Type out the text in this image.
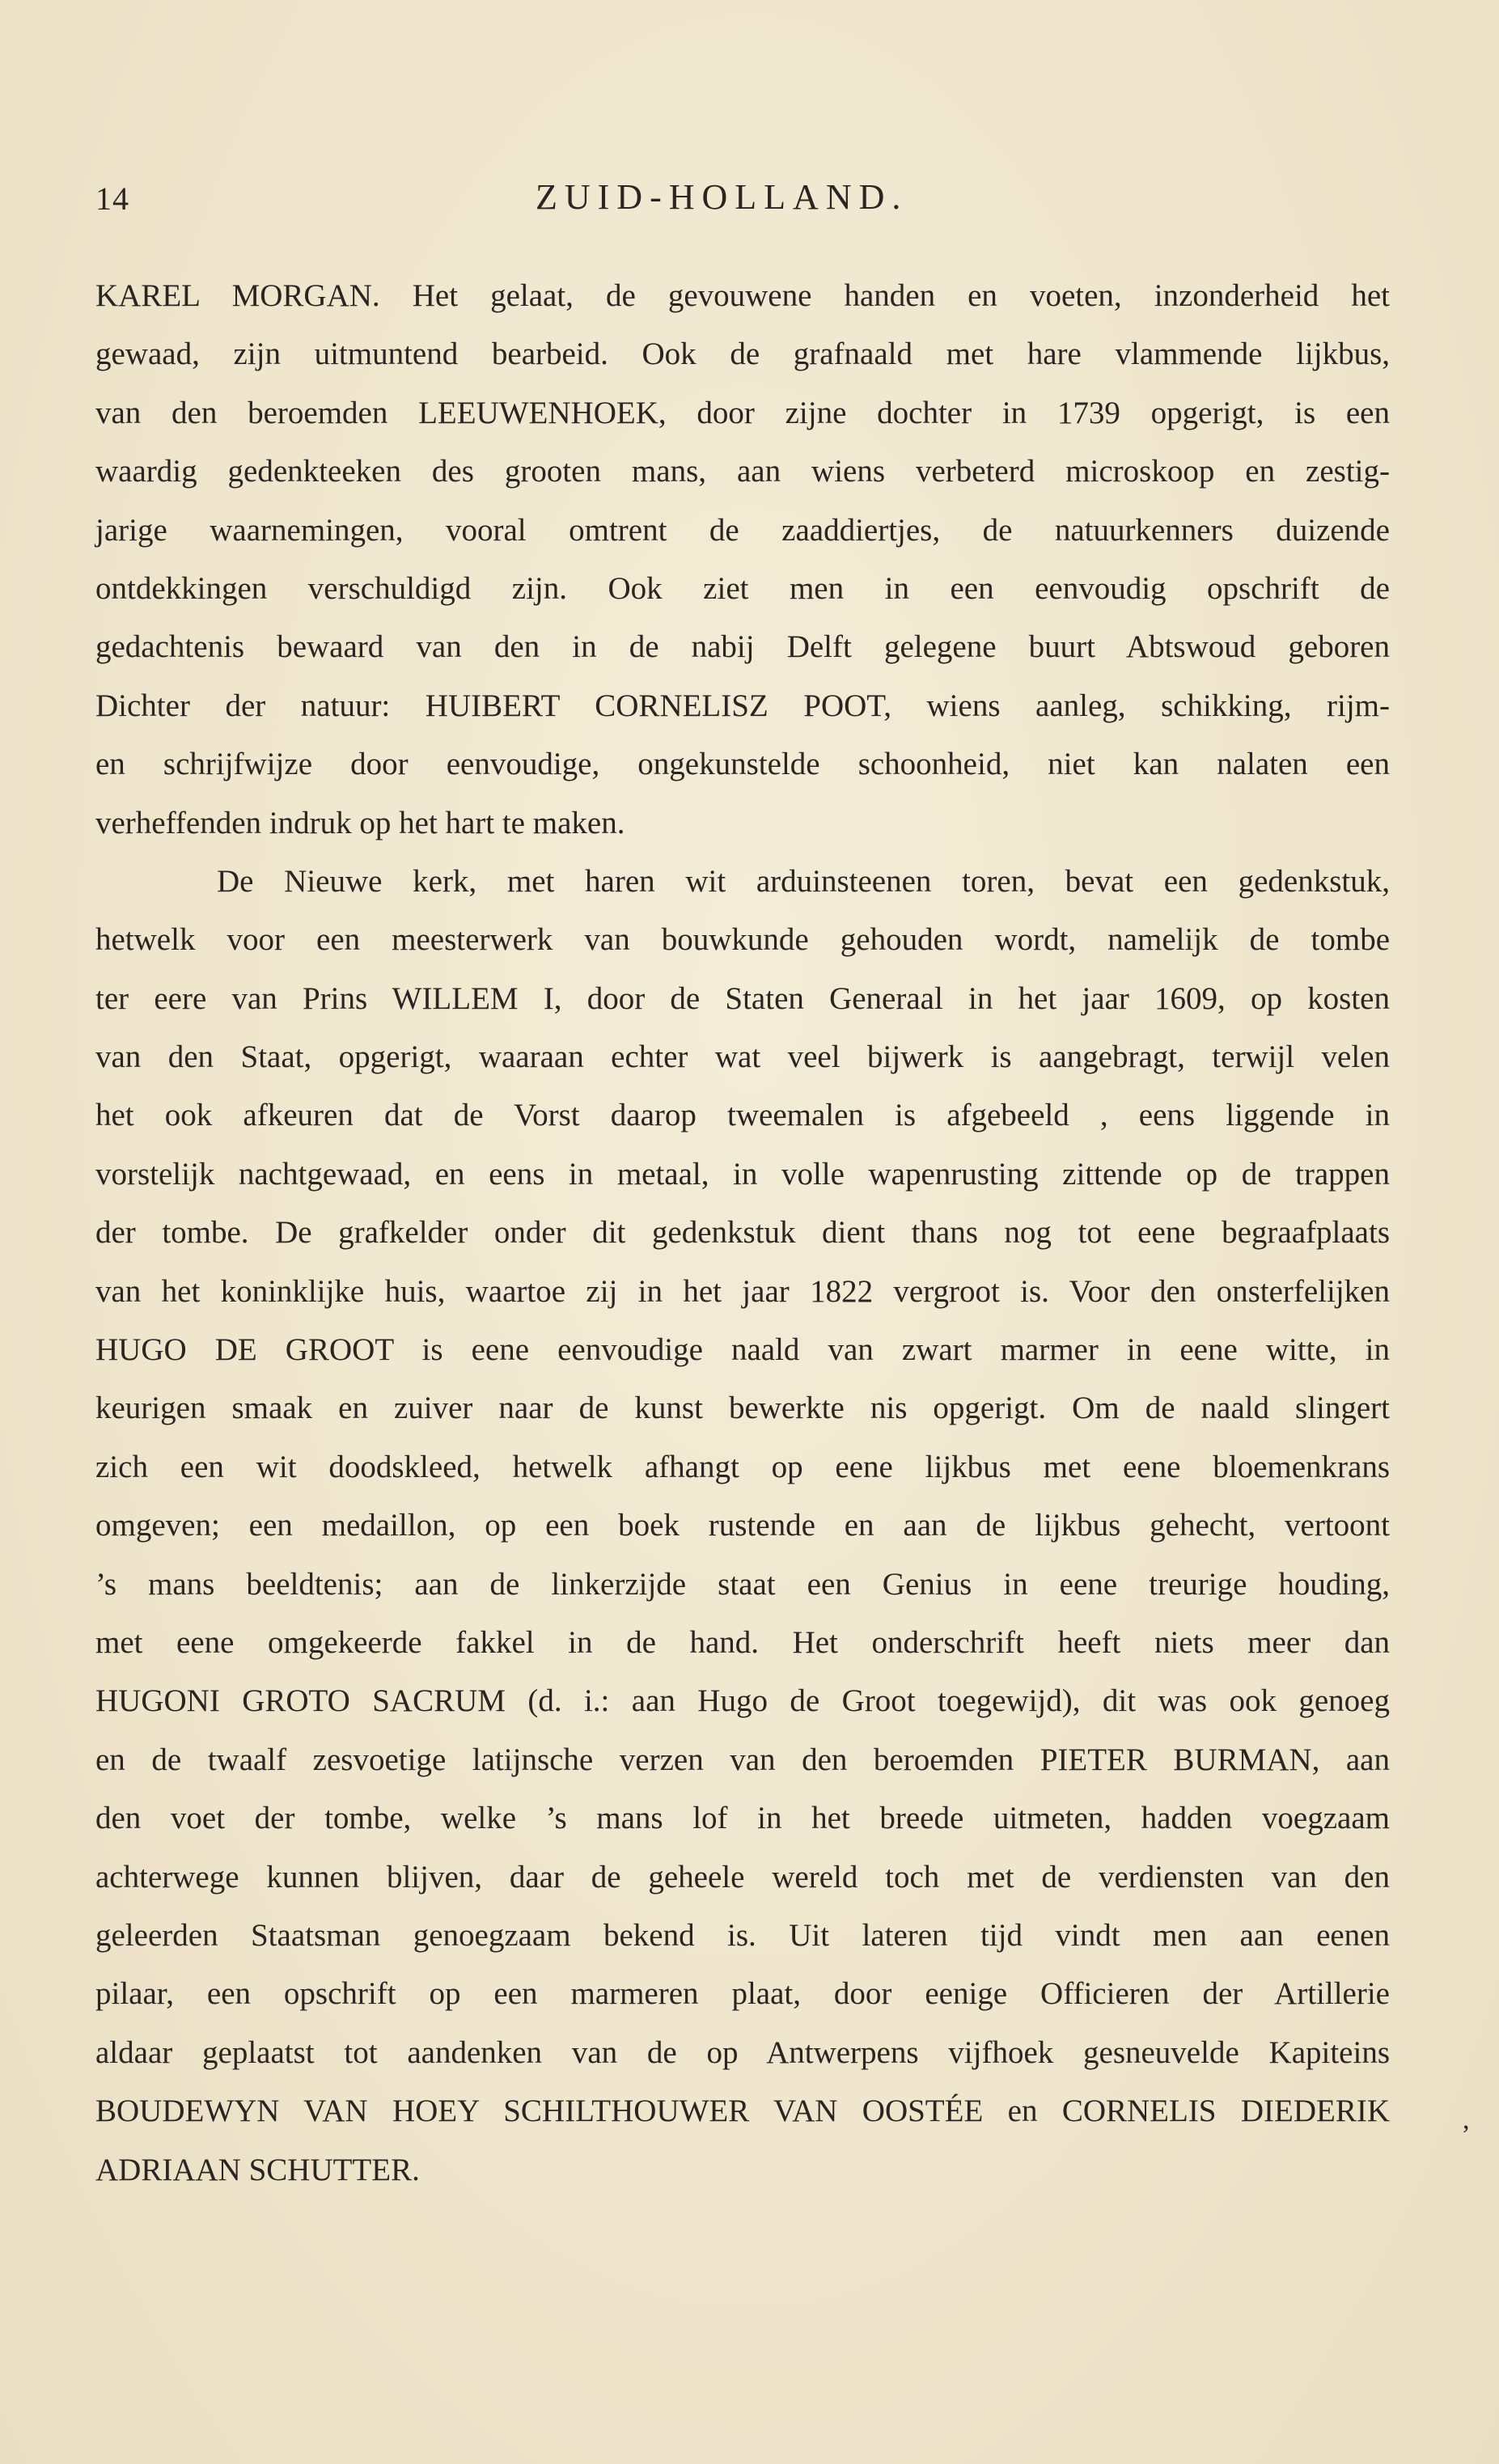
14	ZUID-HOLLAND.
KAREL MORGAN. Het gelaat, de gevouwene handen en voeten, inzonderheid het
gewaad, zijn uitmuntend bearbeid. Ook de grafnaald met hare vlammende lijkbus,
van den beroemden LEEUWENHOEK, door zijne dochter in 1739 opgerigt, is een
waardig gedenkteeken des grooten mans, aan wiens verbeterd microskoop en zestig-
jarige waarnemingen, vooral omtrent de zaaddiertjes, de natuurkenners duizende
ontdekkingen verschuldigd zijn. Ook ziet men in een eenvoudig opschrift de
gedachtenis bewaard van den in de nabij Delft gelegene buurt Abtswoud geboren
Dichter der natuur: HUIBERT CORNELISZ POOT, wiens aanleg, schikking, rijm-
en schrijfwijze door eenvoudige, ongekunstelde schoonheid, niet kan nalaten een
verheffenden indruk op het hart te maken.
De Nieuwe kerk, met haren wit arduinsteenen toren, bevat een gedenkstuk,
hetwelk voor een meesterwerk van bouwkunde gehouden wordt, namelijk de tombe
ter eere van Prins WILLEM I, door de Staten Generaal in het jaar 1609, op kosten
van den Staat, opgerigt, waaraan echter wat veel bijwerk is aangebragt, terwijl velen
het ook afkeuren dat de Vorst daarop tweemalen is afgebeeld , eens liggende in
vorstelijk nachtgewaad, en eens in metaal, in volle wapenrusting zittende op de trappen
der tombe. De grafkelder onder dit gedenkstuk dient thans nog tot eene begraafplaats
van het koninklijke huis, waartoe zij in het jaar 1822 vergroot is. Voor den onsterfelijken
HUGO DE GROOT is eene eenvoudige naald van zwart marmer in eene witte, in
keurigen smaak en zuiver naar de kunst bewerkte nis opgerigt. Om de naald slingert
zich een wit doodskleed, hetwelk afhangt op eene lijkbus met eene bloemenkrans
omgeven; een medaillon, op een boek rustende en aan de lijkbus gehecht, vertoont
’s mans beeldtenis; aan de linkerzijde staat een Genius in eene treurige houding,
met eene omgekeerde fakkel in de hand. Het onderschrift heeft niets meer dan
HUGONI GROTO SACRUM (d. i.: aan Hugo de Groot toegewijd), dit was ook genoeg
en de twaalf zesvoetige latijnsche verzen van den beroemden PIETER BURMAN, aan
den voet der tombe, welke ’s mans lof in het breede uitmeten, hadden voegzaam
achterwege kunnen blijven, daar de geheele wereld toch met de verdiensten van den
geleerden Staatsman genoegzaam bekend is. Uit lateren tijd vindt men aan eenen
pilaar, een opschrift op een marmeren plaat, door eenige Officieren der Artillerie
aldaar geplaatst tot aandenken van de op Antwerpens vijfhoek gesneuvelde Kapiteins
BOUDEWYN VAN HOEY SCHILTHOUWER VAN OOSTÉE en CORNELIS DIEDERIK
ADRIAAN SCHUTTER.
,
